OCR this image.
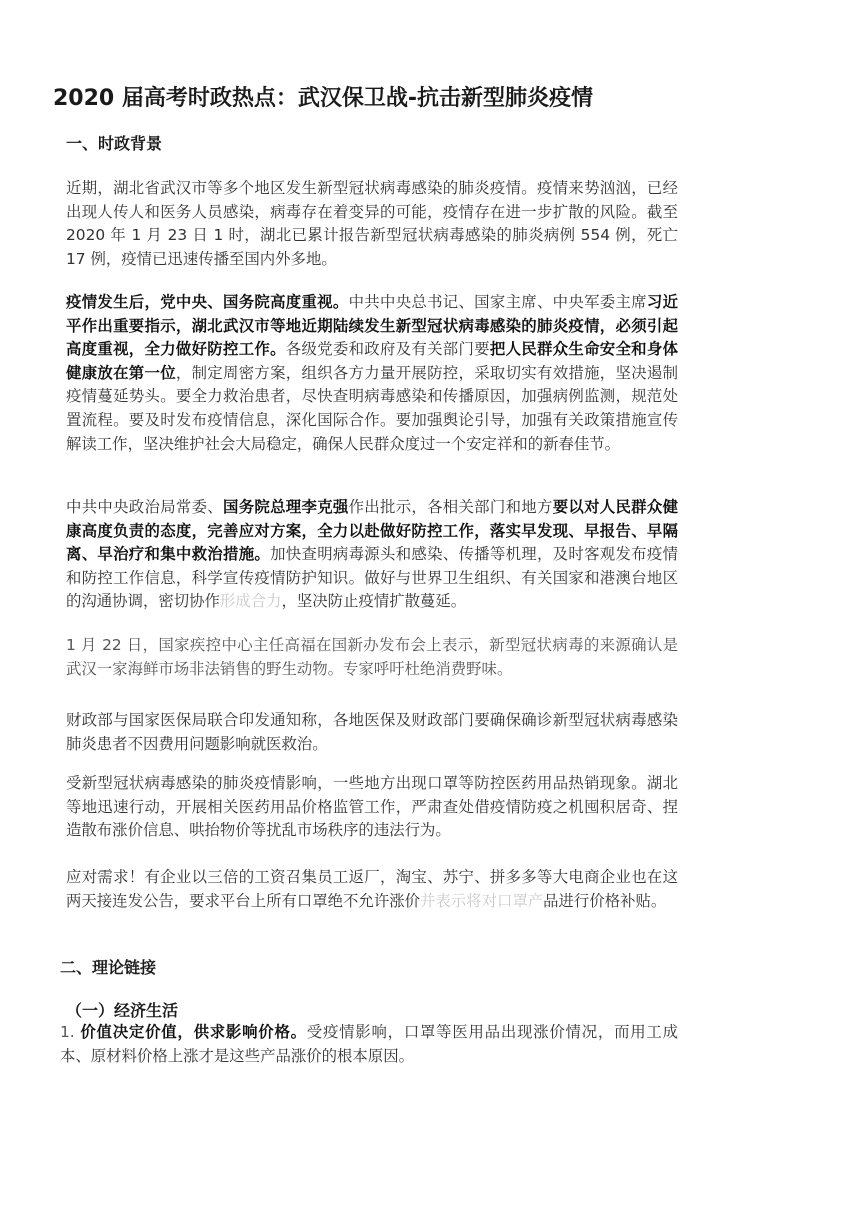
2020 届高考时政热点：武汉保卫战-抗击新型肺炎疫情
一、时政背景

近期，湖北省武汉市等多个地区发生新型冠状病毒感染的肺炎疫情。疫情来势汹汹，已经出现人传人和医务人员感染，病毒存在着变异的可能，疫情存在进一步扩散的风险。截至 2020 年 1 月 23 日 1 时，湖北已累计报告新型冠状病毒感染的肺炎病例 554 例，死亡 17 例，疫情已迅速传播至国内外多地。

疫情发生后，党中央、国务院高度重视。中共中央总书记、国家主席、中央军委主席习近平作出重要指示，湖北武汉市等地近期陆续发生新型冠状病毒感染的肺炎疫情，必须引起高度重视，全力做好防控工作。各级党委和政府及有关部门要把人民群众生命安全和身体健康放在第一位，制定周密方案，组织各方力量开展防控，采取切实有效措施，坚决遏制疫情蔓延势头。要全力救治患者，尽快查明病毒感染和传播原因，加强病例监测，规范处置流程。要及时发布疫情信息，深化国际合作。要加强舆论引导，加强有关政策措施宣传解读工作，坚决维护社会大局稳定，确保人民群众度过一个安定祥和的新春佳节。

中共中央政治局常委、国务院总理李克强作出批示，各相关部门和地方要以对人民群众健康高度负责的态度，完善应对方案，全力以赴做好防控工作，落实早发现、早报告、早隔离、早治疗和集中救治措施。加快查明病毒源头和感染、传播等机理，及时客观发布疫情和防控工作信息，科学宣传疫情防护知识。做好与世界卫生组织、有关国家和港澳台地区的沟通协调，密切协作形成合力，坚决防止疫情扩散蔓延。

1 月 22 日，国家疾控中心主任高福在国新办发布会上表示，新型冠状病毒的来源确认是武汉一家海鲜市场非法销售的野生动物。专家呼吁杜绝消费野味。

财政部与国家医保局联合印发通知称，各地医保及财政部门要确保确诊新型冠状病毒感染肺炎患者不因费用问题影响就医救治。

受新型冠状病毒感染的肺炎疫情影响，一些地方出现口罩等防控医药用品热销现象。湖北等地迅速行动，开展相关医药用品价格监管工作，严肃查处借疫情防疫之机囤积居奇、捏造散布涨价信息、哄抬物价等扰乱市场秩序的违法行为。

应对需求！有企业以三倍的工资召集员工返厂，淘宝、苏宁、拼多多等大电商企业也在这两天接连发公告，要求平台上所有口罩绝不允许涨价并表示将对口罩产品进行价格补贴。

二、理论链接
（一）经济生活

1. 价值决定价值，供求影响价格。受疫情影响，口罩等医用品出现涨价情况，而用工成本、原材料价格上涨才是这些产品涨价的根本原因。
